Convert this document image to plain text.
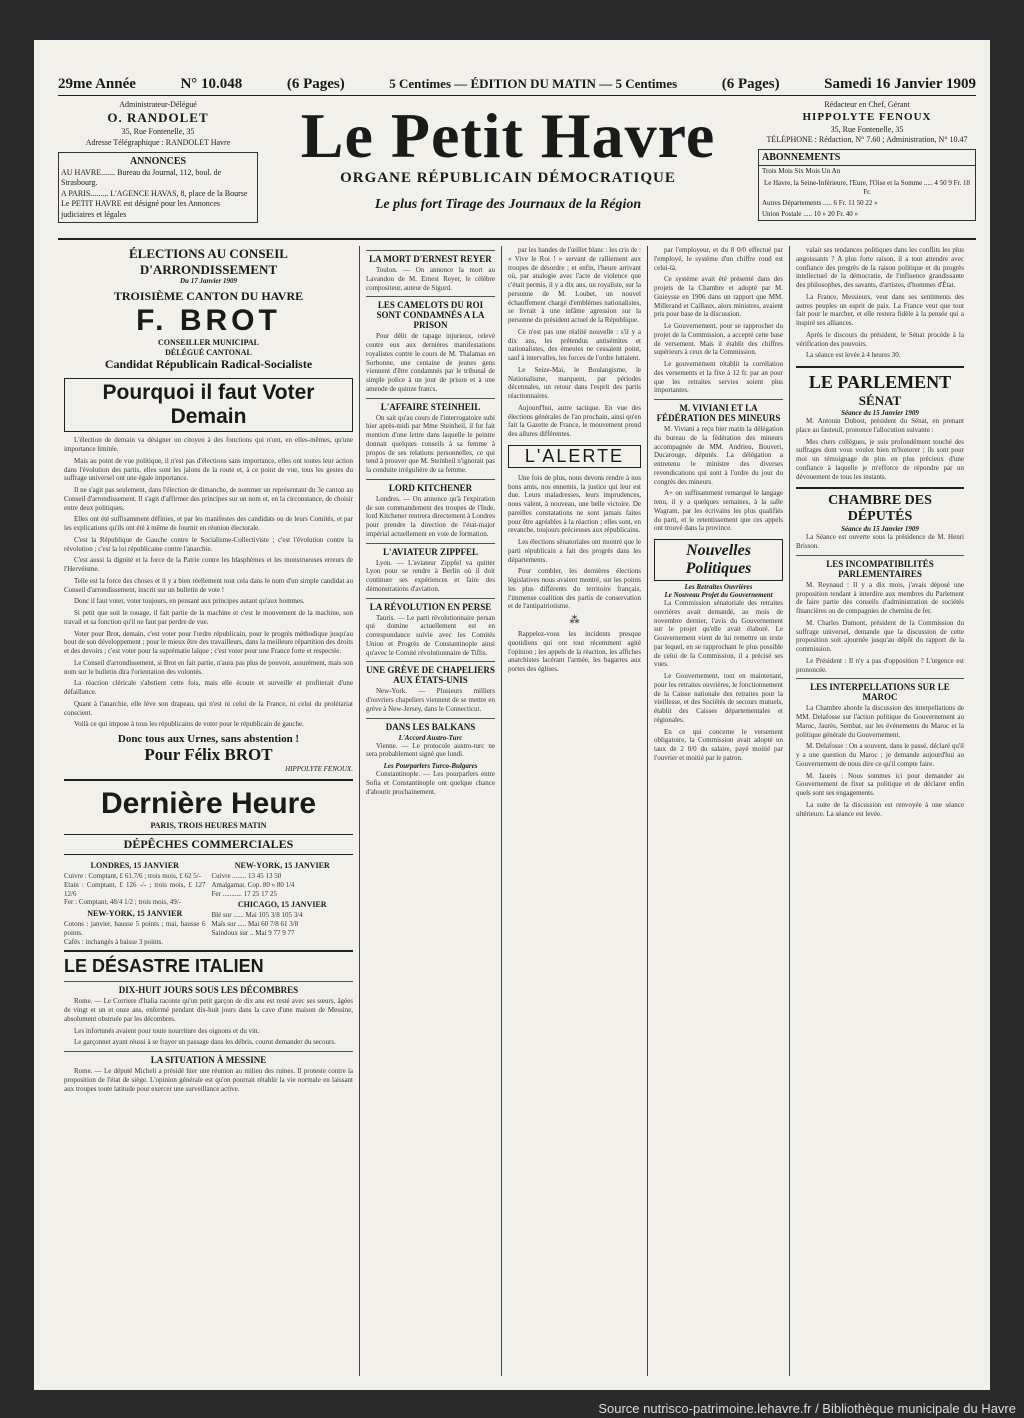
29me Année	N° 10.048	(6 Pages)	5 Centimes — ÉDITION DU MATIN — 5 Centimes	(6 Pages)	Samedi 16 Janvier 1909
Administrateur-Délégué
O. RANDOLET
35, Rue Fontenelle, 35
Adresse Télégraphique : RANDOLET Havre
ANNONCES
AU HAVRE....... Bureau du Journal, 112, boul. de Strasbourg.
A PARIS......... L'AGENCE HAVAS, 8, place de la Bourse
Le PETIT HAVRE est désigné pour les Annonces judiciaires et légales
Le Petit Havre
ORGANE RÉPUBLICAIN DÉMOCRATIQUE
Le plus fort Tirage des Journaux de la Région
Rédacteur en Chef, Gérant
HIPPOLYTE FENOUX
35, Rue Fontenelle, 35
TÉLÉPHONE : Rédaction, N° 7.60 ; Administration, N° 10.47
ABONNEMENTS
Trois Mois Six Mois Un An
Le Havre, la Seine-Inférieure, l'Eure, l'Oise et la Somme ..... 4 50 9 Fr. 18 Fr.
Autres Départements ..... 6 Fr. 11 50 22 »
Union Postale ..... 10 » 20 Fr. 40 »
ÉLECTIONS AU CONSEIL D'ARRONDISSEMENT
Du 17 Janvier 1909
TROISIÈME CANTON DU HAVRE
F. BROT
CONSEILLER MUNICIPAL
DÉLÉGUÉ CANTONAL
Candidat Républicain Radical-Socialiste
Pourquoi il faut Voter Demain

L'élection de demain va désigner un citoyen à des fonctions qui n'ont, en elles-mêmes, qu'une importance limitée.

Mais au point de vue politique, il n'est pas d'élections sans importance, elles ont toutes leur action dans l'évolution des partis, elles sont les jalons de la route et, à ce point de vue, tous les gestes du suffrage universel ont une égale importance.

Il ne s'agit pas seulement, dans l'élection de dimanche, de nommer un représentant du 3e canton au Conseil d'arrondissement. Il s'agit d'affirmer des principes sur un nom et, en la circonstance, de choisir entre deux politiques.

Elles ont été suffisamment définies, et par les manifestes des candidats ou de leurs Comités, et par les explications qu'ils ont été à même de fournir en réunion électorale.

C'est la République de Gauche contre le Socialisme-Collectiviste ; c'est l'évolution contre la révolution ; c'est la loi républicaine contre l'anarchie.

C'est aussi la dignité et la force de la Patrie contre les blasphèmes et les monstrueuses erreurs de l'Hervéisme.

Telle est la force des choses et il y a bien réellement tout cela dans le nom d'un simple candidat au Conseil d'arrondissement, inscrit sur un bulletin de vote !

Donc il faut voter, voter toujours, en pensant aux principes autant qu'aux hommes.

Si petit que soit le rouage, il fait partie de la machine et c'est le mouvement de la machine, son travail et sa fonction qu'il ne faut par perdre de vue.

Voter pour Brot, demain, c'est voter pour l'ordre républicain, pour le progrès méthodique jusqu'au bout de son développement ; pour le mieux être des travailleurs, dans la meilleure répartition des droits et des devoirs ; c'est voter pour la suprématie laïque ; c'est voter pour une France forte et respectée.

Le Conseil d'arrondissement, si Brot en fait partie, n'aura pas plus de pouvoir, assurément, mais son nom sur le bulletin dira l'orientation des volontés.

La réaction cléricale s'abstient cette fois, mais elle écoute et surveille et profiterait d'une défaillance.

Quant à l'anarchie, elle lève son drapeau, qui n'est ni celui de la France, ni celui du prolétariat conscient.

Voilà ce qui impose à tous les républicains de voter pour le républicain de gauche.

Donc tous aux Urnes, sans abstention !
Pour Félix BROT
HIPPOLYTE FENOUX.
Dernière Heure
PARIS, TROIS HEURES MATIN
DÉPÊCHES COMMERCIALES
LONDRES, 15 JANVIER
Cuivre : Comptant, £ 61.7/6 ; trois mois, £ 62 5/-
Etain : Comptant, £ 126 -/- ; trois mois, £ 127 12/6
Fer : Comptant, 48/4 1/2 ; trois mois, 49/-
NEW-YORK, 15 JANVIER
Cotons : janvier, hausse 5 points ; mai, hausse 6 points.
Cafés : inchangés à baisse 3 points.
NEW-YORK, 15 JANVIER
Cuivre ........ 13 45 13 50
Amalgamat. Cop. 80 » 80 1/4
Fer ........... 17 25 17 25
CHICAGO, 15 JANVIER
Blé sur ...... Mai 105 3/8 105 3/4
Maïs sur ..... Mai 60 7/8 61 3/8
Saindoux sur .. Mai 9 77 9 77
LE DÉSASTRE ITALIEN
DIX-HUIT JOURS SOUS LES DÉCOMBRES

Rome. — Le Corriere d'Italia raconte qu'un petit garçon de dix ans est resté avec ses sœurs, âgées de vingt et un et onze ans, enfermé pendant dix-huit jours dans la cave d'une maison de Messine, absolument obstruée par les décombres.

Les infortunés avaient pour toute nourriture des oignons et du vin.

Le garçonnet ayant réussi à se frayer un passage dans les débris, courut demander du secours.

LA SITUATION À MESSINE

Rome. — Le député Micheli a présidé hier une réunion au milieu des ruines. Il proteste contre la proposition de l'état de siège. L'opinion générale est qu'on pourrait rétablir la vie normale en laissant aux troupes toute latitude pour exercer une surveillance active.

LA MORT D'ERNEST REYER
Toulon. — On annonce la mort au Lavandou de M. Ernest Reyer, le célèbre compositeur, auteur de Sigurd.
LES CAMELOTS DU ROI SONT CONDAMNÉS A LA PRISON
Pour délit de tapage injurieux, relevé contre eux aux dernières manifestations royalistes contre le cours de M. Thalamas en Sorbonne, une centaine de jeunes gens viennent d'être condamnés par le tribunal de simple police à un jour de prison et à une amende de quinze francs.
L'AFFAIRE STEINHEIL
On sait qu'au cours de l'interrogatoire subi hier après-midi par Mme Steinheil, il fut fait mention d'une lettre dans laquelle le peintre donnait quelques conseils à sa femme à propos de ses relations personnelles, ce qui tend à prouver que M. Steinheil n'ignorait pas la conduite irrégulière de sa femme.
LORD KITCHENER
Londres. — On annonce qu'à l'expiration de son commandement des troupes de l'Inde, lord Kitchener rentrera directement à Londres pour prendre la direction de l'état-major impérial actuellement en voie de formation.
L'AVIATEUR ZIPPFEL
Lyon. — L'aviateur Zippfel va quitter Lyon pour se rendre à Berlin où il doit continuer ses expériences et faire des démonstrations d'aviation.
LA RÉVOLUTION EN PERSE
Tauris. — Le parti révolutionnaire persan qui domine actuellement est en correspondance suivie avec les Comités Union et Progrès de Constantinople ainsi qu'avec le Comité révolutionnaire de Tiflis.
UNE GRÈVE DE CHAPELIERS AUX ÉTATS-UNIS
New-York. — Plusieurs milliers d'ouvriers chapeliers viennent de se mettre en grève à New-Jersey, dans le Connecticut.
DANS LES BALKANS
L'Accord Austro-Turc
Vienne. — Le protocole austro-turc ne sera probablement signé que lundi.
Les Pourparlers Turco-Bulgares
Constantinople. — Les pourparlers entre Sofia et Constantinople ont quelque chance d'aboutir prochainement.
par les bandes de l'œillet blanc : les cris de : « Vive le Roi ! » servant de ralliement aux troupes de désordre ; et enfin, l'heure arrivant où, par analogie avec l'acte de violence que c'était permis, il y a dix ans, un royaliste, sur la personne de M. Loubet, un nouvel échauffement chargé d'emblèmes nationalistes, se livrait à une infâme agression sur la personne du président actuel de la République.
Ce n'est pas une réalité nouvelle : s'il y a dix ans, les prétendus antisémites et nationalistes, des émeutes ne cessaient point, sauf à intervalles, les forces de l'ordre luttaient.
Le Seize-Mai, le Boulangisme, le Nationalisme, marquent, par périodes décennales, un retour dans l'esprit des partis réactionnaires.
Aujourd'hui, autre tactique. En vue des élections générales de l'an prochain, ainsi qu'en fait la Gazette de France, le mouvement prend des allures différentes.
L'ALERTE
Une fois de plus, nous devons rendre à nos bons amis, nos ennemis, la justice qui leur est due. Leurs maladresses, leurs imprudences, nous valent, à nouveau, une belle victoire. De pareilles constatations ne sont jamais faites pour être agréables à la réaction ; elles sont, en revanche, toujours précieuses aux républicains.
Les élections sénatoriales ont montré que le parti républicain a fait des progrès dans les départements.
Pour combler, les dernières élections législatives nous avaient montré, sur les points les plus différents du territoire français, l'immense coalition des partis de conservation et de l'antipatriotisme.
⁂
Rappelez-vous les incidents presque quotidiens qui ont tout récemment agité l'opinion ; les appels de la réaction, les affiches anarchistes lacérant l'armée, les bagarres aux portes des églises.
par l'employeur, et du 8 0/0 effectué par l'employé, le système d'un chiffre rond est celui-là.
Ce système avait été présenté dans des projets de la Chambre et adopté par M. Guieysse en 1906 dans un rapport que MM. Millerand et Caillaux, alors ministres, avaient pris pour base de la discussion.
Le Gouvernement, pour se rapprocher du projet de la Commission, a accepté cette base de versement. Mais il établit des chiffres supérieurs à ceux de la Commission.
Le gouvernement rétablit la corrélation des versements et la fixe à 12 fr. par an pour que les retraites servies soient plus importantes.
M. VIVIANI ET LA FÉDÉRATION DES MINEURS
M. Viviani a reçu hier matin la délégation du bureau de la fédération des mineurs accompagnée de MM. Andrieu, Bouveri, Ducarouge, députés. La délégation a entretenu le ministre des diverses revendications qui sont à l'ordre du jour du congrès des mineurs.
A+ on suffisamment remarqué le langage tenu, il y a quelques semaines, à la salle Wagram, par les écrivains les plus qualifiés du parti, et le retentissement que ces appels ont trouvé dans la province.
Nouvelles Politiques
Les Retraites Ouvrières
Le Nouveau Projet du Gouvernement
La Commission sénatoriale des retraites ouvrières avait demandé, au mois de novembre dernier, l'avis du Gouvernement sur le projet qu'elle avait élaboré. Le Gouvernement vient de lui remettre un texte par lequel, en se rapprochant le plus possible de celui de la Commission, il a précisé ses vues.
Le Gouvernement, tout en maintenant, pour les retraites ouvrières, le fonctionnement de la Caisse nationale des retraites pour la vieillesse, et des Sociétés de secours mutuels, établit des Caisses départementales et régionales.
En ce qui concerne le versement obligatoire, la Commission avait adopté un taux de 2 0/0 du salaire, payé moitié par l'ouvrier et moitié par le patron.
valait ses tendances politiques dans les conflits les plus angoissants ? A plus forte raison, il a tout attendre avec confiance des progrès de la raison politique et du progrès intellectuel de la démocratie, de l'influence grandissante des philosophes, des savants, d'artistes, d'hommes d'État.
La France, Messieurs, veut dans ses sentiments des autres peuples un esprit de paix. La France veut que tout fait pour le marcher, et elle restera fidèle à la pensée qui a inspiré ses alliances.
Après le discours du président, le Sénat procède à la vérification des pouvoirs.
La séance est levée à 4 heures 30.
LE PARLEMENT
SÉNAT
Séance du 15 Janvier 1909
M. Antonin Dubost, président du Sénat, en prenant place au fauteuil, prononce l'allocution suivante :
Mes chers collègues, je suis profondément touché des suffrages dont vous voulez bien m'honorer ; ils sont pour moi un témoignage de plus en plus précieux d'une confiance à laquelle je m'efforce de répondre par un dévouement de tous les instants.
CHAMBRE DES DÉPUTÉS
Séance du 15 Janvier 1909
La Séance est ouverte sous la présidence de M. Henri Brisson.
LES INCOMPATIBILITÉS PARLEMENTAIRES
M. Reynaud : Il y a dix mois, j'avais déposé une proposition tendant à interdire aux membres du Parlement de faire partie des conseils d'administration de sociétés financières ou de compagnies de chemins de fer.
M. Charles Dumont, président de la Commission du suffrage universel, demande que la discussion de cette proposition soit ajournée jusqu'au dépôt du rapport de la commission.
Le Président : Il n'y a pas d'opposition ? L'urgence est prononcée.
LES INTERPELLATIONS SUR LE MAROC
La Chambre aborde la discussion des interpellations de MM. Delafosse sur l'action politique du Gouvernement au Maroc, Jaurès, Sembat, sur les événements du Maroc et la politique générale du Gouvernement.
M. Delafosse : On a souvent, dans le passé, déclaré qu'il y a une question du Maroc ; je demande aujourd'hui au Gouvernement de nous dire ce qu'il compte faire.
M. Jaurès : Nous sommes ici pour demander au Gouvernement de fixer sa politique et de déclarer enfin quels sont ses engagements.
La suite de la discussion est renvoyée à une séance ultérieure. La séance est levée.
Source nutrisco-patrimoine.lehavre.fr / Bibliothèque municipale du Havre
